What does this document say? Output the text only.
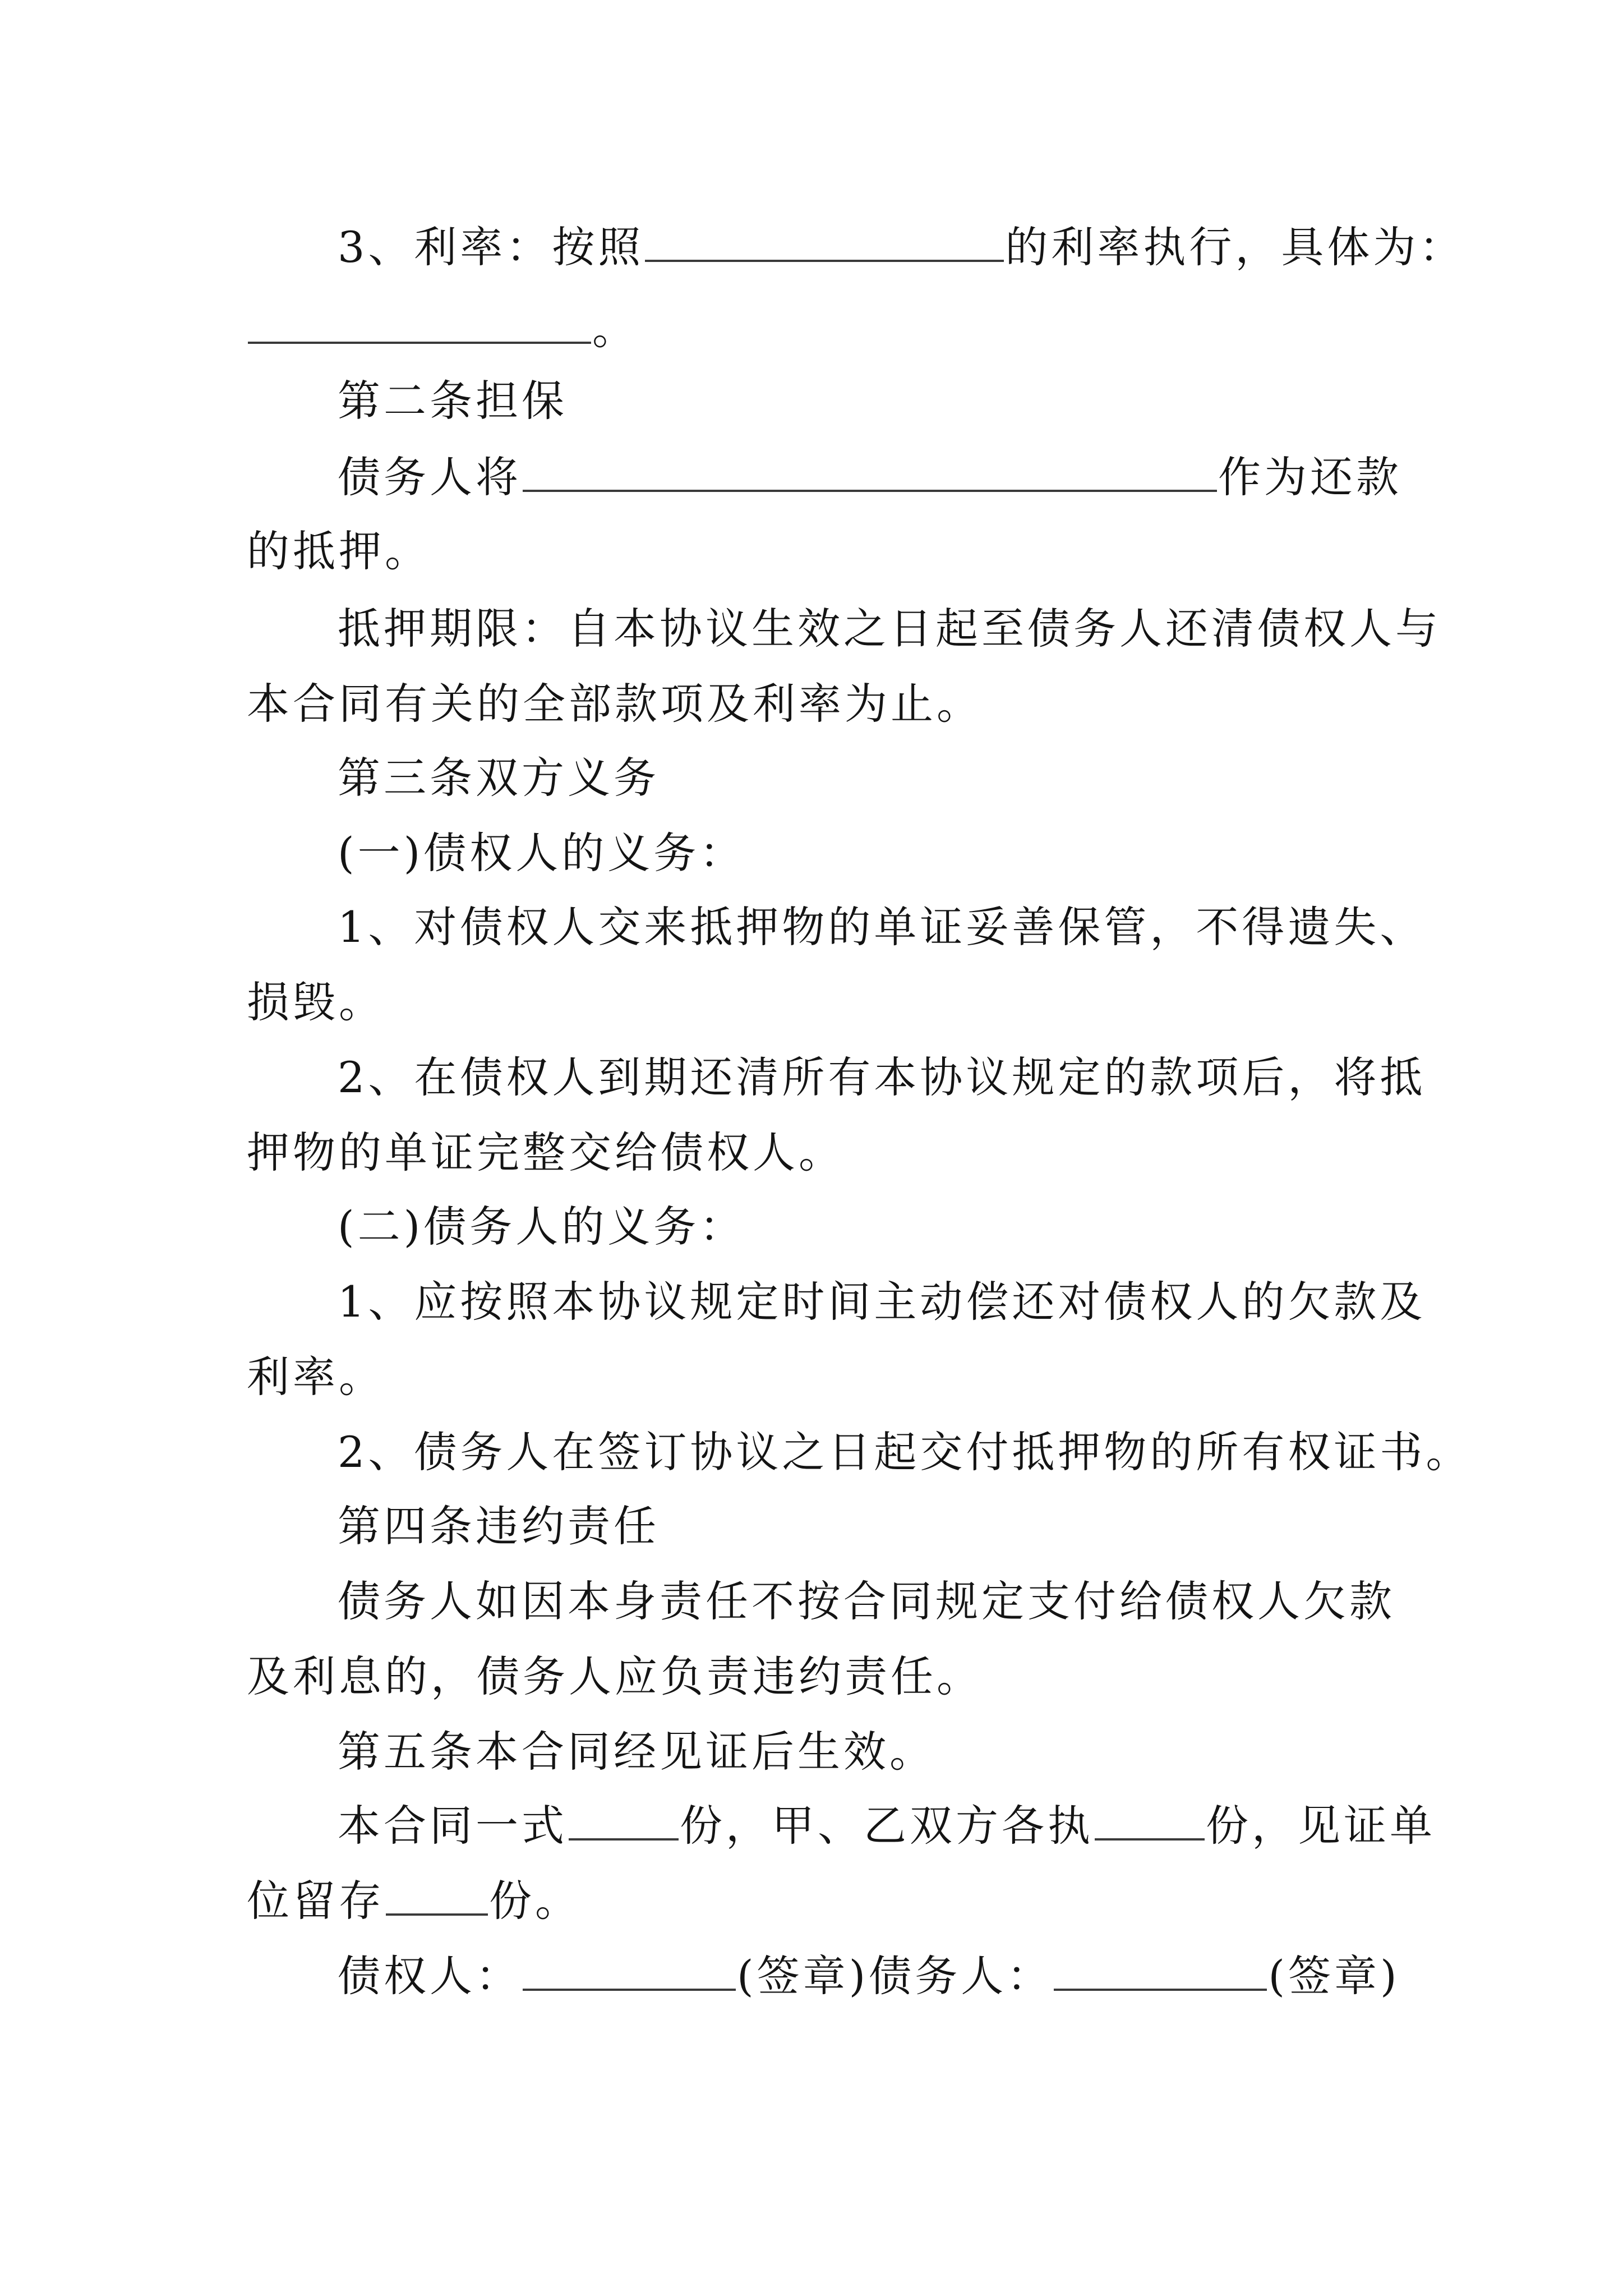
3、利率：按照	的利率执行，具体为：

。

第二条担保

债务人将	作为还款

的抵押。

抵押期限：自本协议生效之日起至债务人还清债权人与

本合同有关的全部款项及利率为止。

第三条双方义务

(一)债权人的义务：

1、对债权人交来抵押物的单证妥善保管，不得遗失、

损毁。

2、在债权人到期还清所有本协议规定的款项后，将抵

押物的单证完整交给债权人。

(二)债务人的义务：

1、应按照本协议规定时间主动偿还对债权人的欠款及

利率。

2、债务人在签订协议之日起交付抵押物的所有权证书。

第四条违约责任

债务人如因本身责任不按合同规定支付给债权人欠款

及利息的，债务人应负责违约责任。

第五条本合同经见证后生效。

本合同一式	份，甲、乙双方各执	份，见证单

位留存 份。

债权人：	(签章)债务人：	(签章)
